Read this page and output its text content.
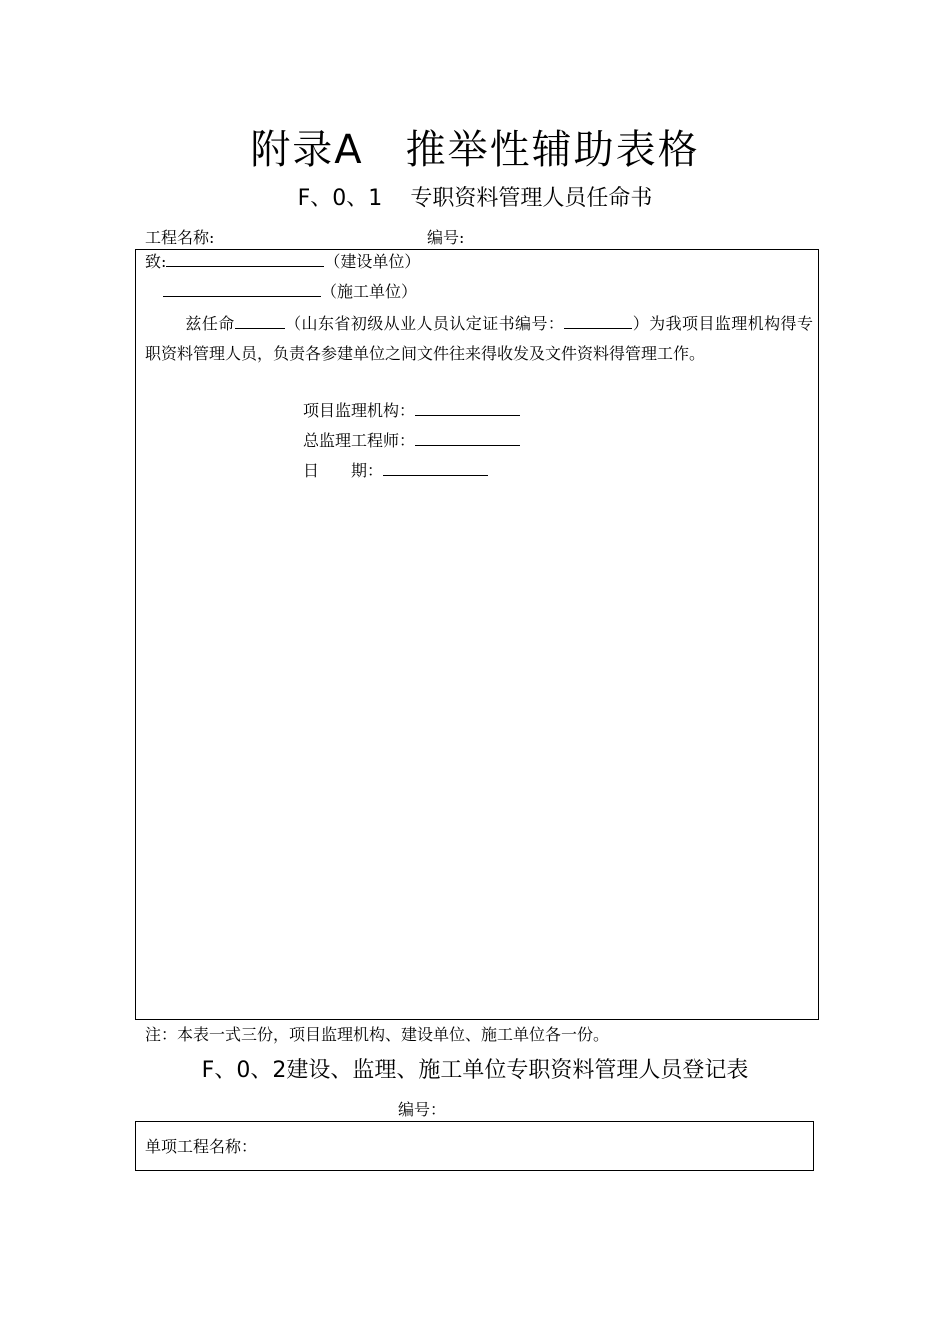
附录A　推举性辅助表格
F、0、1 专职资料管理人员任命书
工程名称:	编号:
致:	（建设单位）
（施工单位）
兹任命	（山东省初级从业人员认定证书编号：	）为我项目监理机构得专职资料管理人员，负责各参建单位之间文件往来得收发及文件资料得管理工作。
项目监理机构：
总监理工程师：
日　　期：
注：本表一式三份，项目监理机构、建设单位、施工单位各一份。
F、0、2建设、监理、施工单位专职资料管理人员登记表
编号：
单项工程名称：
